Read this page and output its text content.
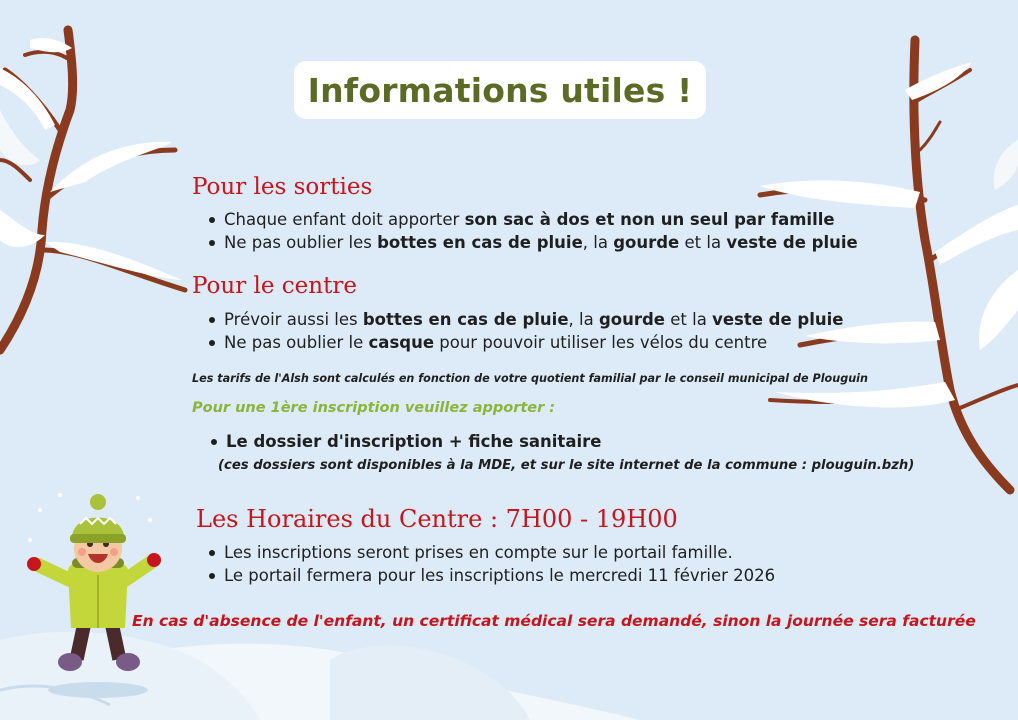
Informations utiles !
Pour les sorties
Chaque enfant doit apporter son sac à dos et non un seul par famille
Ne pas oublier les bottes en cas de pluie, la gourde et la veste de pluie
Pour le centre
Prévoir aussi les bottes en cas de pluie, la gourde et la veste de pluie
Ne pas oublier le casque pour pouvoir utiliser les vélos du centre

Les tarifs de l'Alsh sont calculés en fonction de votre quotient familial par le conseil municipal de Plouguin

Pour une 1ère inscription veuillez apporter :

Le dossier d'inscription + fiche sanitaire

(ces dossiers sont disponibles à la MDE, et sur le site internet de la commune : plouguin.bzh)

Les Horaires du Centre : 7H00 - 19H00
Les inscriptions seront prises en compte sur le portail famille.
Le portail fermera pour les inscriptions le mercredi 11 février 2026

En cas d'absence de l'enfant, un certificat médical sera demandé, sinon la journée sera facturée
